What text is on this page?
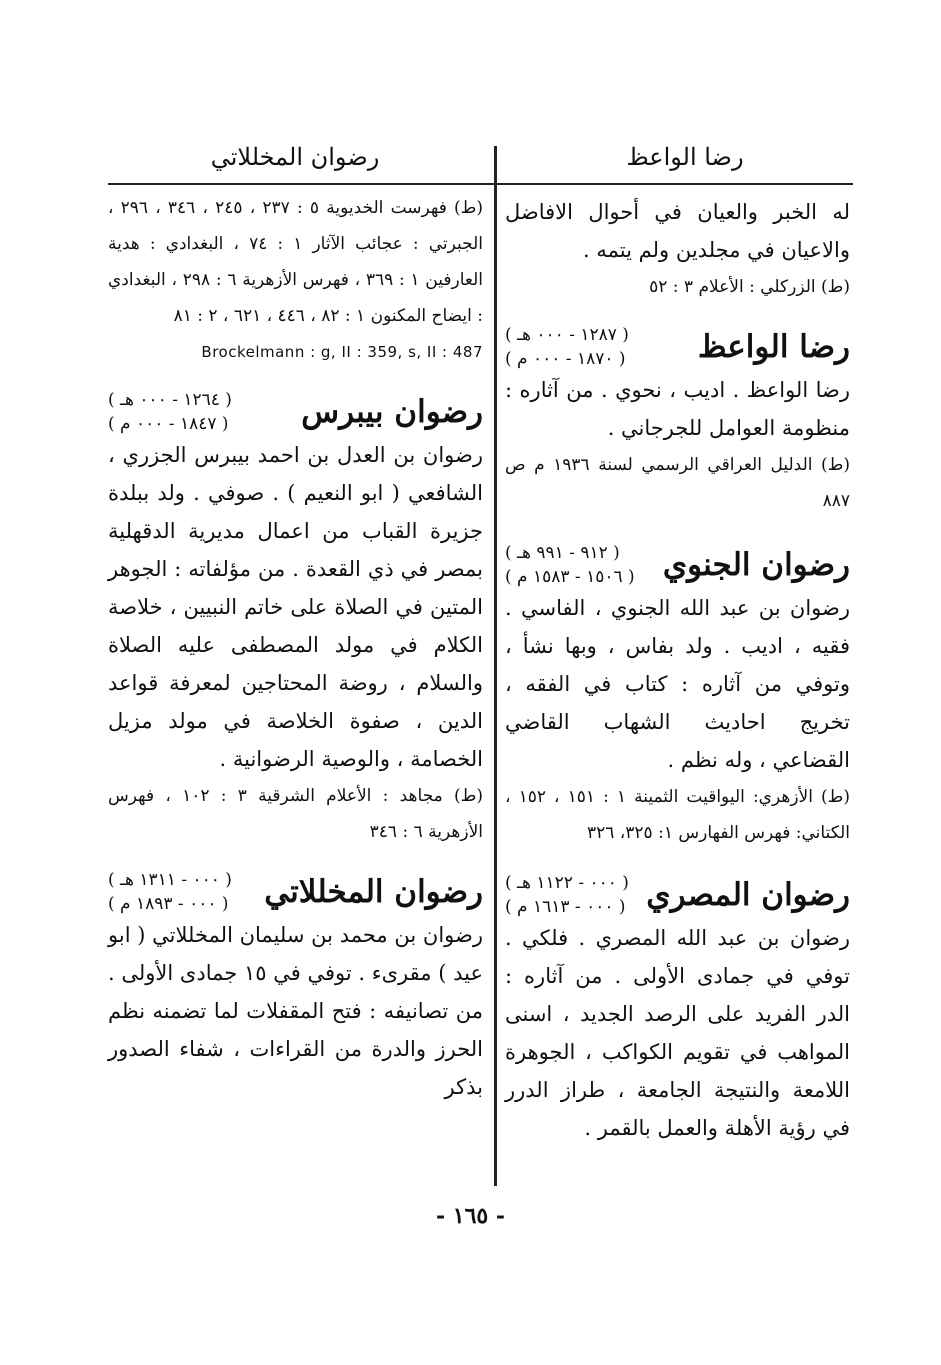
رضا الواعظ
رضوان المخللاتي

له الخبر والعيان في أحوال الافاضل والاعيان في مجلدين ولم يتمه .

(ط) الزركلي : الأعلام ٣ : ٥٢

رضا الواعظ
( ١٢٨٧ - ٠٠٠ هـ )
( ١٨٧٠ - ٠٠٠ م )

رضا الواعظ . اديب ، نحوي . من آثاره : منظومة العوامل للجرجاني .

(ط) الدليل العراقي الرسمي لسنة ١٩٣٦ م ص ٨٨٧

رضوان الجنوي
( ٩١٢ - ٩٩١ هـ )
( ١٥٠٦ - ١٥٨٣ م )

رضوان بن عبد الله الجنوي ، الفاسي . فقيه ، اديب . ولد بفاس ، وبها نشأ ، وتوفي من آثاره : كتاب في الفقه ، تخريج احاديث الشهاب القاضي القضاعي ، وله نظم .

(ط) الأزهري: اليواقيت الثمينة ١ : ١٥١ ، ١٥٢ ، الكتاني: فهرس الفهارس ١: ٣٢٥، ٣٢٦

رضوان المصري
( ٠٠٠ - ١١٢٢ هـ )
( ٠٠٠ - ١٦١٣ م )

رضوان بن عبد الله المصري . فلكي . توفي في جمادى الأولى . من آثاره : الدر الفريد على الرصد الجديد ، اسنى المواهب في تقويم الكواكب ، الجوهرة اللامعة والنتيجة الجامعة ، طراز الدرر في رؤية الأهلة والعمل بالقمر .

(ط) فهرست الخديوية ٥ : ٢٣٧ ، ٢٤٥ ، ٣٤٦ ، ٢٩٦ ، الجبرتي : عجائب الآثار ١ : ٧٤ ، البغدادي : هدية العارفين ١ : ٣٦٩ ، فهرس الأزهرية ٦ : ٢٩٨ ، البغدادي : ايضاح المكنون ١ : ٨٢ ، ٤٤٦ ، ٦٢١ ، ٢ : ٨١

Brockelmann : g, II : 359, s, II : 487

رضوان بيبرس
( ١٢٦٤ - ٠٠٠ هـ )
( ١٨٤٧ - ٠٠٠ م )

رضوان بن العدل بن احمد بيبرس الجزري ، الشافعي ( ابو النعيم ) . صوفي . ولد ببلدة جزيرة القباب من اعمال مديرية الدقهلية بمصر في ذي القعدة . من مؤلفاته : الجوهر المتين في الصلاة على خاتم النبيين ، خلاصة الكلام في مولد المصطفى عليه الصلاة والسلام ، روضة المحتاجين لمعرفة قواعد الدين ، صفوة الخلاصة في مولد مزيل الخصامة ، والوصية الرضوانية .

(ط) مجاهد : الأعلام الشرقية ٣ : ١٠٢ ، فهرس الأزهرية ٦ : ٣٤٦

رضوان المخللاتي
( ٠٠٠ - ١٣١١ هـ )
( ٠٠٠ - ١٨٩٣ م )

رضوان بن محمد بن سليمان المخللاتي ( ابو عيد ) مقرىء . توفي في ١٥ جمادى الأولى . من تصانيفه : فتح المقفلات لما تضمنه نظم الحرز والدرة من القراءات ، شفاء الصدور بذكر

- ١٦٥ -
